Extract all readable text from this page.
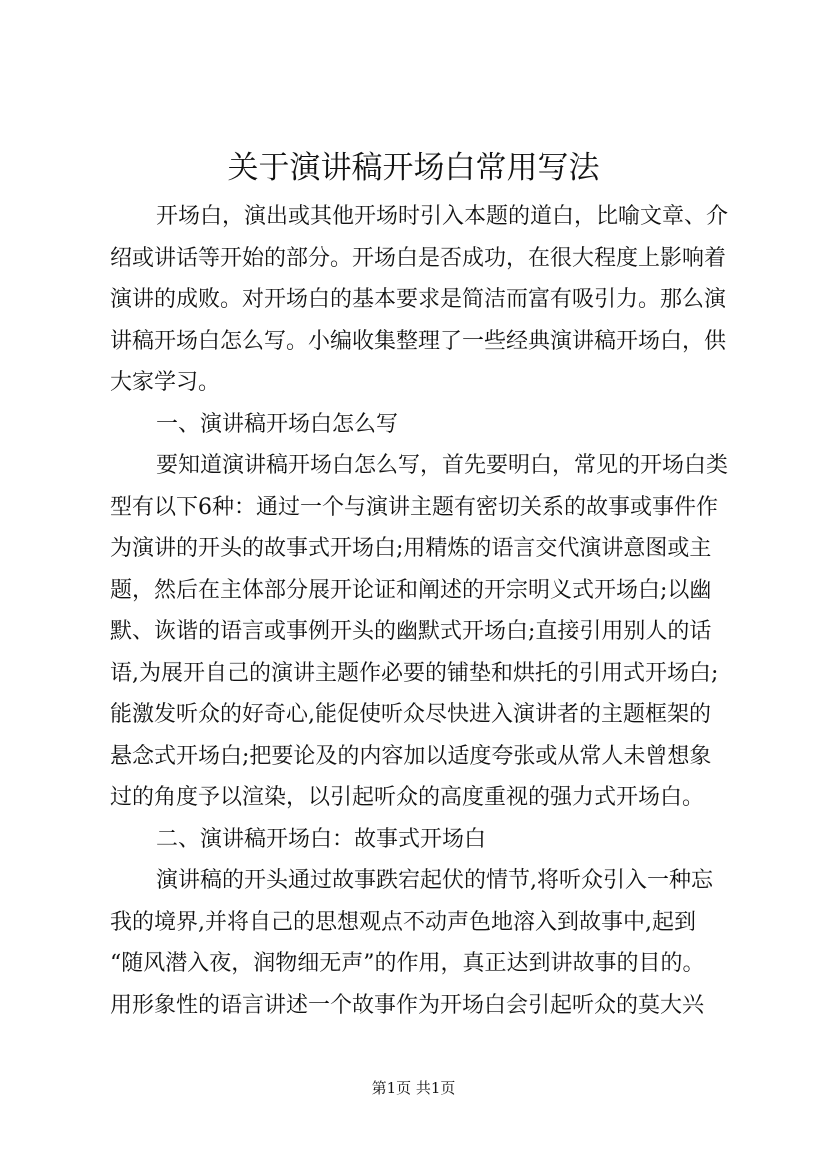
关于演讲稿开场白常用写法
开场白，演出或其他开场时引入本题的道白，比喻文章、介
绍或讲话等开始的部分。开场白是否成功，在很大程度上影响着
演讲的成败。对开场白的基本要求是简洁而富有吸引力。那么演
讲稿开场白怎么写。小编收集整理了一些经典演讲稿开场白，供
大家学习。
一、演讲稿开场白怎么写
要知道演讲稿开场白怎么写，首先要明白，常见的开场白类
型有以下6种：通过一个与演讲主题有密切关系的故事或事件作
为演讲的开头的故事式开场白;用精炼的语言交代演讲意图或主
题，然后在主体部分展开论证和阐述的开宗明义式开场白;以幽
默、诙谐的语言或事例开头的幽默式开场白;直接引用别人的话
语,为展开自己的演讲主题作必要的铺垫和烘托的引用式开场白;
能激发听众的好奇心,能促使听众尽快进入演讲者的主题框架的
悬念式开场白;把要论及的内容加以适度夸张或从常人未曾想象
过的角度予以渲染，以引起听众的高度重视的强力式开场白。
二、演讲稿开场白：故事式开场白
演讲稿的开头通过故事跌宕起伏的情节,将听众引入一种忘
我的境界,并将自己的思想观点不动声色地溶入到故事中,起到
“随风潜入夜，润物细无声”的作用，真正达到讲故事的目的。
用形象性的语言讲述一个故事作为开场白会引起听众的莫大兴
第1页 共1页
